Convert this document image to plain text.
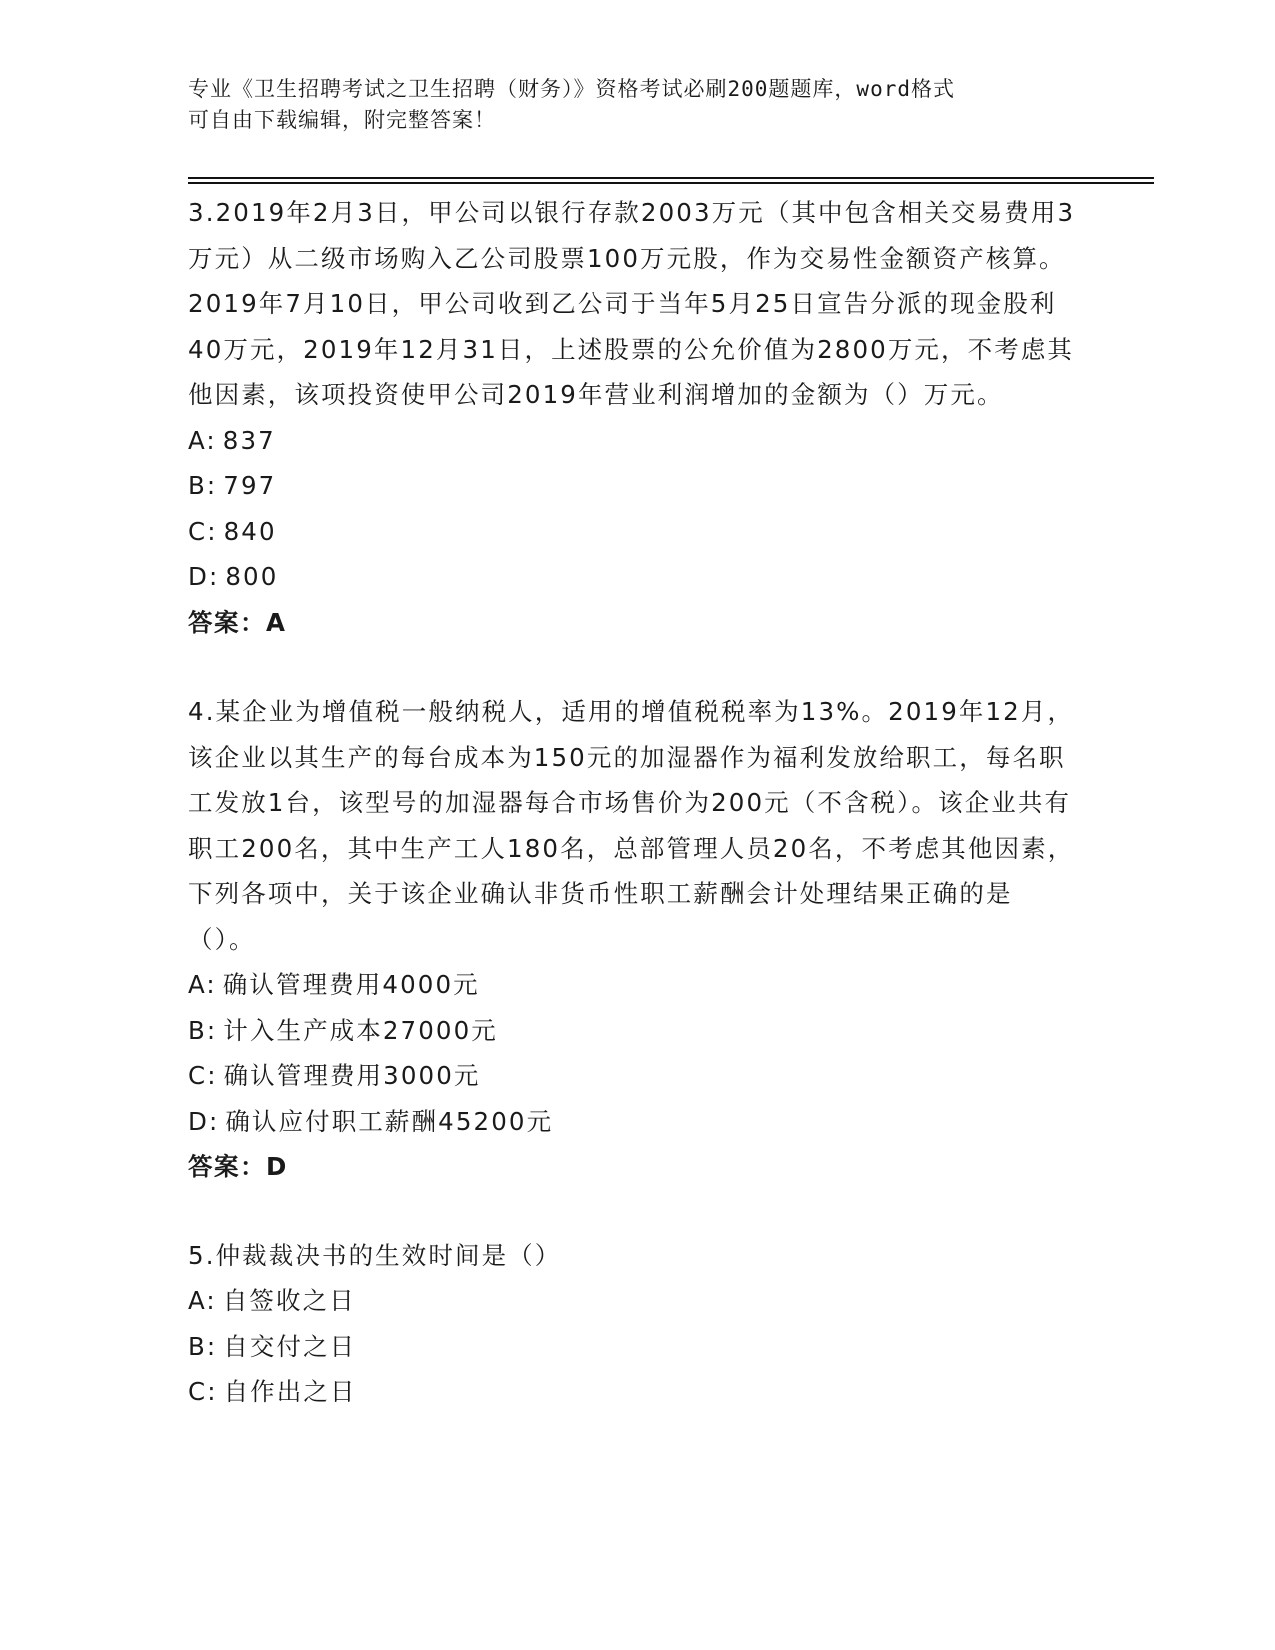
专业《卫生招聘考试之卫生招聘（财务）》资格考试必刷200题题库，word格式
可自由下载编辑，附完整答案！

3.2019年2月3日，甲公司以银行存款2003万元（其中包含相关交易费用3万元）从二级市场购入乙公司股票100万元股，作为交易性金额资产核算。2019年7月10日，甲公司收到乙公司于当年5月25日宣告分派的现金股利40万元，2019年12月31日，上述股票的公允价值为2800万元，不考虑其他因素，该项投资使甲公司2019年营业利润增加的金额为（）万元。

A: 837

B: 797

C: 840

D: 800

答案：A

4.某企业为增值税一般纳税人，适用的增值税税率为13%。2019年12月，该企业以其生产的每台成本为150元的加湿器作为福利发放给职工，每名职工发放1台，该型号的加湿器每合市场售价为200元（不含税）。该企业共有职工200名，其中生产工人180名，总部管理人员20名，不考虑其他因素，下列各项中，关于该企业确认非货币性职工薪酬会计处理结果正确的是（）。

A: 确认管理费用4000元

B: 计入生产成本27000元

C: 确认管理费用3000元

D: 确认应付职工薪酬45200元

答案：D

5.仲裁裁决书的生效时间是（）

A: 自签收之日

B: 自交付之日

C: 自作出之日
